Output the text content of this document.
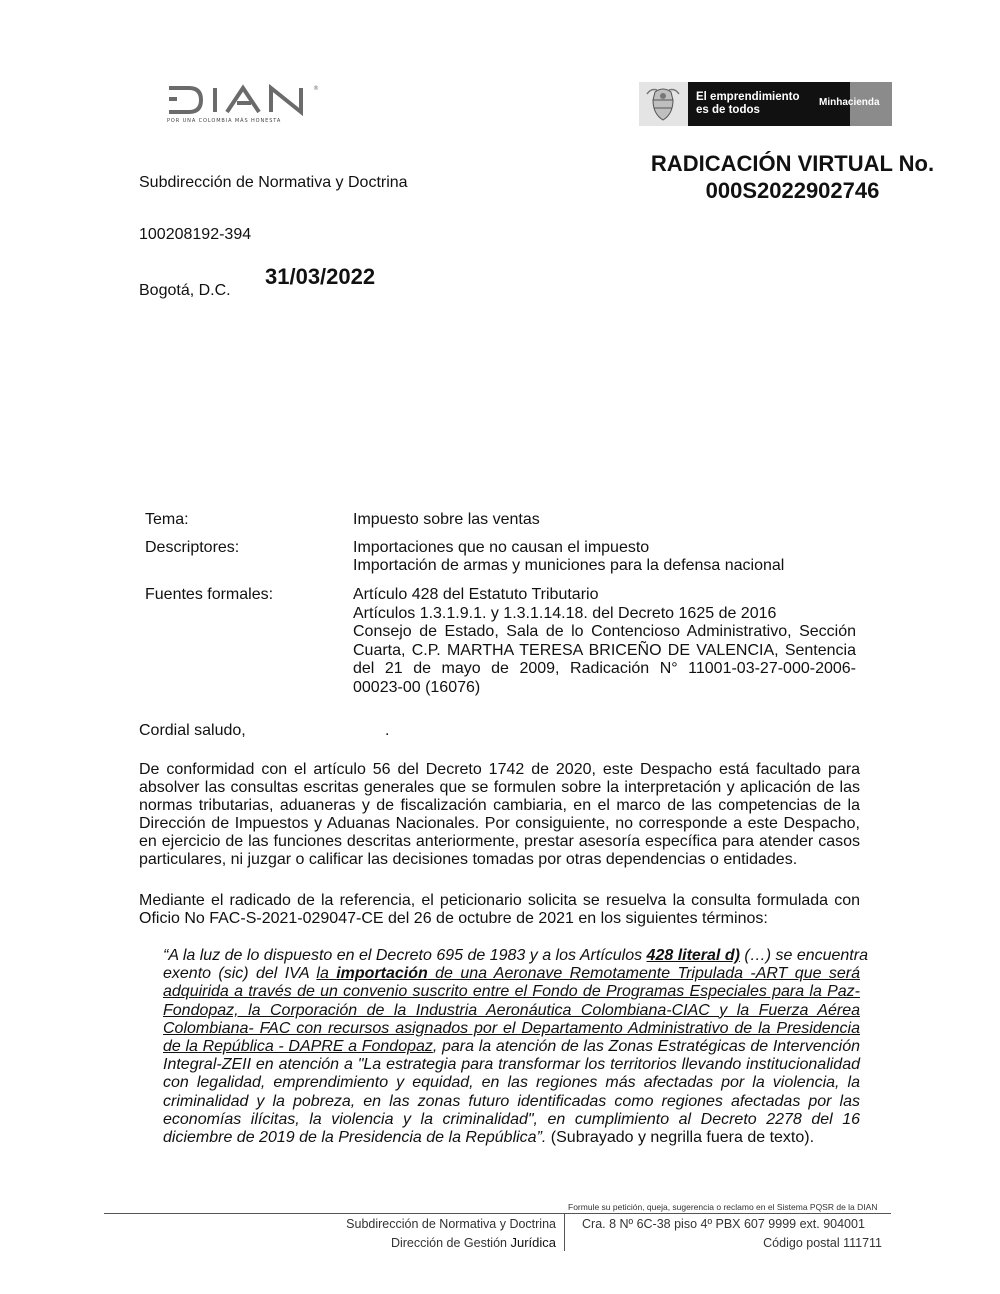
®
POR UNA COLOMBIA MÁS HONESTA
El emprendimiento
es de todos
Minhacienda
RADICACIÓN VIRTUAL No.
000S2022902746
Subdirección de Normativa y Doctrina
100208192-394
31/03/2022
Bogotá, D.C.
Tema:	Impuesto sobre las ventas
Descriptores:	Importaciones que no causan el impuesto
Importación de armas y municiones para la defensa nacional
Fuentes formales:	Artículo 428 del Estatuto Tributario
Artículos 1.3.1.9.1. y 1.3.1.14.18. del Decreto 1625 de 2016
Consejo de Estado, Sala de lo Contencioso Administrativo, Sección
Cuarta, C.P. MARTHA TERESA BRICEÑO DE VALENCIA, Sentencia
del 21 de mayo de 2009, Radicación N° 11001-03-27-000-2006-
00023-00 (16076)
Cordial saludo,	.
De conformidad con el artículo 56 del Decreto 1742 de 2020, este Despacho está facultado para
absolver las consultas escritas generales que se formulen sobre la interpretación y aplicación de las
normas tributarias, aduaneras y de fiscalización cambiaria, en el marco de las competencias de la
Dirección de Impuestos y Aduanas Nacionales. Por consiguiente, no corresponde a este Despacho,
en ejercicio de las funciones descritas anteriormente, prestar asesoría específica para atender casos
particulares, ni juzgar o calificar las decisiones tomadas por otras dependencias o entidades.
Mediante el radicado de la referencia, el peticionario solicita se resuelva la consulta formulada con
Oficio No FAC-S-2021-029047-CE del 26 de octubre de 2021 en los siguientes términos:
“A la luz de lo dispuesto en el Decreto 695 de 1983 y a los Artículos 428 literal d) (…) se encuentra
exento (sic) del IVA la importación de una Aeronave Remotamente Tripulada -ART que será
adquirida a través de un convenio suscrito entre el Fondo de Programas Especiales para la Paz-
Fondopaz, la Corporación de la Industria Aeronáutica Colombiana-CIAC y la Fuerza Aérea
Colombiana- FAC con recursos asignados por el Departamento Administrativo de la Presidencia
de la República - DAPRE a Fondopaz, para la atención de las Zonas Estratégicas de Intervención
Integral-ZEII en atención a "La estrategia para transformar los territorios llevando institucionalidad
con legalidad, emprendimiento y equidad, en las regiones más afectadas por la violencia, la
criminalidad y la pobreza, en las zonas futuro identificadas como regiones afectadas por las
economías ilícitas, la violencia y la criminalidad", en cumplimiento al Decreto 2278 del 16
diciembre de 2019 de la Presidencia de la República”. (Subrayado y negrilla fuera de texto).
Formule su petición, queja, sugerencia o reclamo en el Sistema PQSR de la DIAN
Subdirección de Normativa y Doctrina
Dirección de Gestión Jurídica
Cra. 8 Nº 6C-38 piso 4º PBX 607 9999 ext. 904001
Código postal 111711
